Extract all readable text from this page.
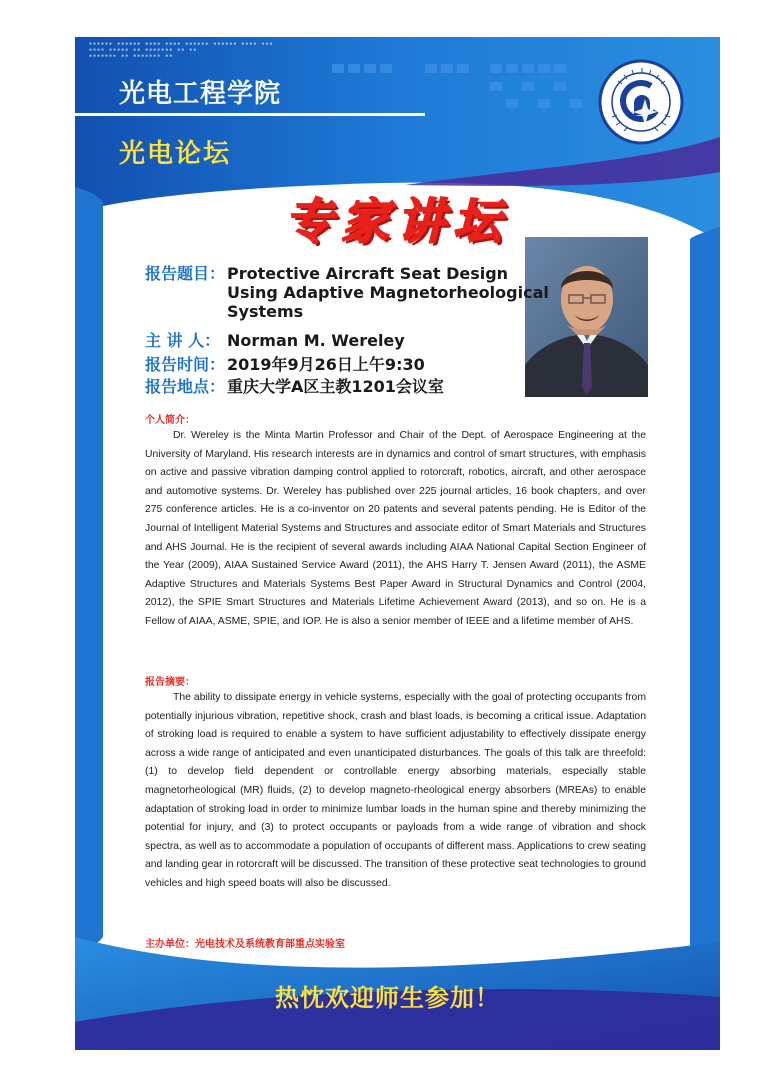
▪▪▪▪▪▪ ▪▪▪▪▪▪ ▪▪▪▪ ▪▪▪▪ ▪▪▪▪▪▪ ▪▪▪▪▪▪ ▪▪▪▪ ▪▪▪
▪▪▪▪ ▪▪▪▪▪ ▪▪ ▪▪▪▪▪▪▪ ▪▪ ▪▪
▪▪▪▪▪▪▪ ▪▪ ▪▪▪▪▪▪▪ ▪▪
光电工程学院
光电论坛
专家讲坛
报告题目： Protective Aircraft Seat Design
Using Adaptive Magnetorheological
Systems
主 讲 人： Norman M. Wereley
报告时间： 2019年9月26日上午9:30
报告地点： 重庆大学A区主教1201会议室
个人简介：
Dr. Wereley is the Minta Martin Professor and Chair of the Dept. of Aerospace Engineering at the University of Maryland. His research interests are in dynamics and control of smart structures, with emphasis on active and passive vibration damping control applied to rotorcraft, robotics, aircraft, and other aerospace and automotive systems. Dr. Wereley has published over 225 journal articles, 16 book chapters, and over 275 conference articles. He is a co-inventor on 20 patents and several patents pending. He is Editor of the Journal of Intelligent Material Systems and Structures and associate editor of Smart Materials and Structures and AHS Journal. He is the recipient of several awards including AIAA National Capital Section Engineer of the Year (2009), AIAA Sustained Service Award (2011), the AHS Harry T. Jensen Award (2011), the ASME Adaptive Structures and Materials Systems Best Paper Award in Structural Dynamics and Control (2004, 2012), the SPIE Smart Structures and Materials Lifetime Achievement Award (2013), and so on. He is a Fellow of AIAA, ASME, SPIE, and IOP. He is also a senior member of IEEE and a lifetime member of AHS.
报告摘要：
The ability to dissipate energy in vehicle systems, especially with the goal of protecting occupants from potentially injurious vibration, repetitive shock, crash and blast loads, is becoming a critical issue. Adaptation of stroking load is required to enable a system to have sufficient adjustability to effectively dissipate energy across a wide range of anticipated and even unanticipated disturbances. The goals of this talk are threefold: (1) to develop field dependent or controllable energy absorbing materials, especially stable magnetorheological (MR) fluids, (2) to develop magneto-rheological energy absorbers (MREAs) to enable adaptation of stroking load in order to minimize lumbar loads in the human spine and thereby minimizing the potential for injury, and (3) to protect occupants or payloads from a wide range of vibration and shock spectra, as well as to accommodate a population of occupants of different mass. Applications to crew seating and landing gear in rotorcraft will be discussed. The transition of these protective seat technologies to ground vehicles and high speed boats will also be discussed.
主办单位：光电技术及系统教育部重点实验室
热忱欢迎师生参加！
